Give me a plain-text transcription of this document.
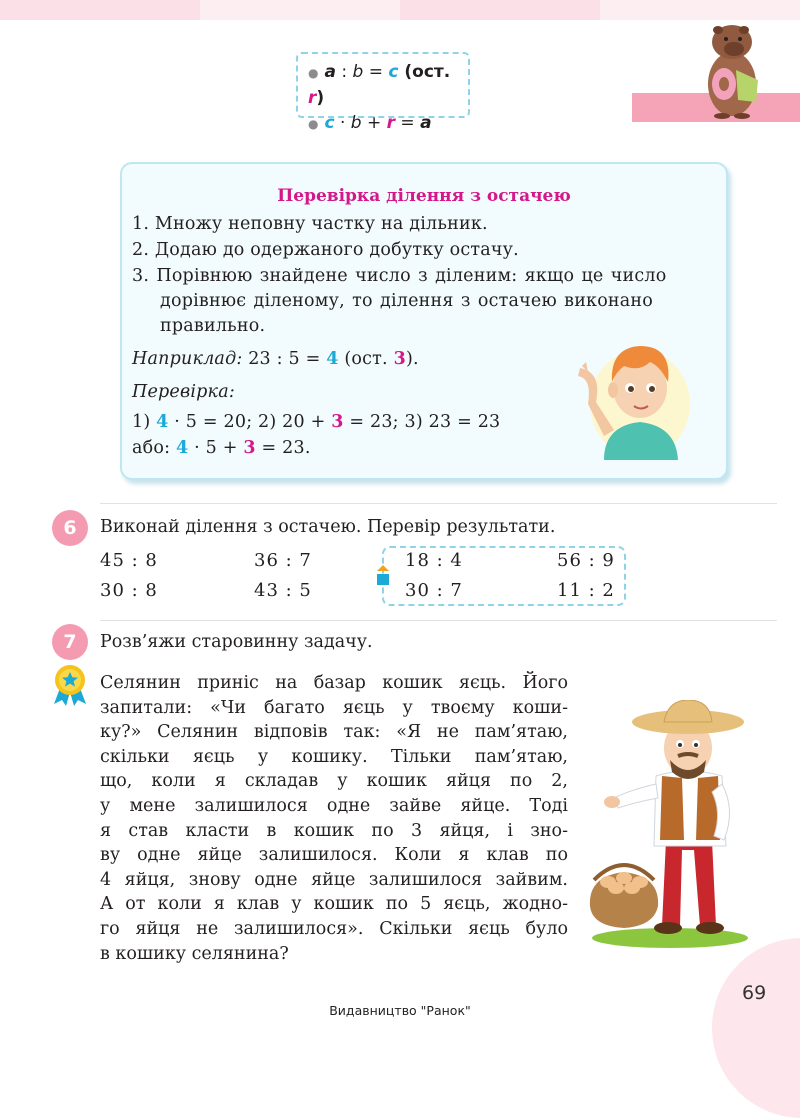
● a : b = c (ост. r)
● c · b + r = a
Перевірка ділення з остачею
1. Множу неповну частку на дільник.
2. Додаю до одержаного добутку остачу.
3. Порівнюю знайдене число з діленим: якщо це число
дорівнює діленому, то ділення з остачею виконано
правильно.
Наприклад: 23 : 5 = 4 (ост. 3).
Перевірка:
1) 4 · 5 = 20; 2) 20 + 3 = 23; 3) 23 = 23
або: 4 · 5 + 3 = 23.
6	Виконай ділення з остачею. Перевір результати.
45 : 8
30 : 8
36 : 7
43 : 5
18 : 4
30 : 7
56 : 9
11 : 2
7	Розв’яжи старовинну задачу.
Селянин приніс на базар кошик яєць. Його
запитали: «Чи багато яєць у твоєму коши-
ку?» Селянин відповів так: «Я не пам’ятаю,
скільки яєць у кошику. Тільки пам’ятаю,
що, коли я складав у кошик яйця по 2,
у мене залишилося одне зайве яйце. Тоді
я став класти в кошик по 3 яйця, і зно-
ву одне яйце залишилося. Коли я клав по
4 яйця, знову одне яйце залишилося зайвим.
А от коли я клав у кошик по 5 яєць, жодно-
го яйця не залишилося». Скільки яєць було
в кошику селянина?
69
Видавництво "Ранок"
